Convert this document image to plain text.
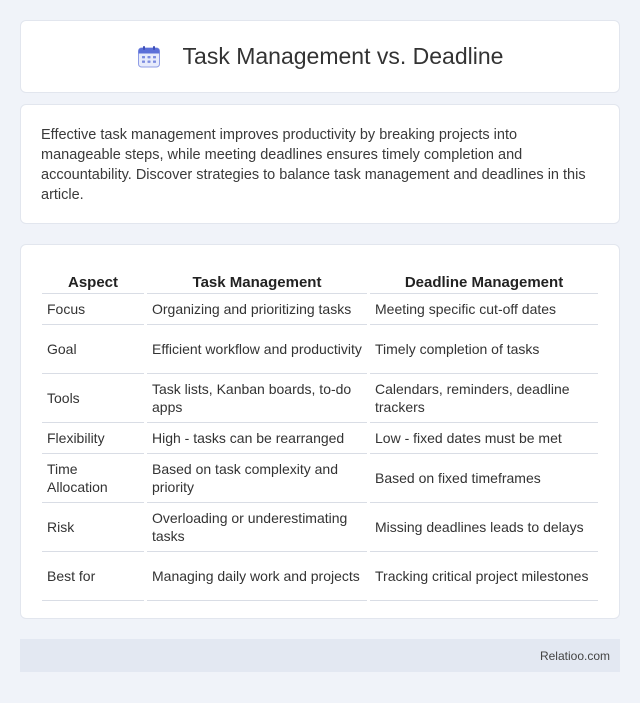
Task Management vs. Deadline

Effective task management improves productivity by breaking projects into manageable steps, while meeting deadlines ensures timely completion and accountability. Discover strategies to balance task management and deadlines in this article.

Aspect	Task Management	Deadline Management
Focus	Organizing and prioritizing tasks	Meeting specific cut-off dates
Goal	Efficient workflow and productivity	Timely completion of tasks
Tools	Task lists, Kanban boards, to-do apps	Calendars, reminders, deadline trackers
Flexibility	High - tasks can be rearranged	Low - fixed dates must be met
Time Allocation	Based on task complexity and priority	Based on fixed timeframes
Risk	Overloading or underestimating tasks	Missing deadlines leads to delays
Best for	Managing daily work and projects	Tracking critical project milestones
Relatioo.com
